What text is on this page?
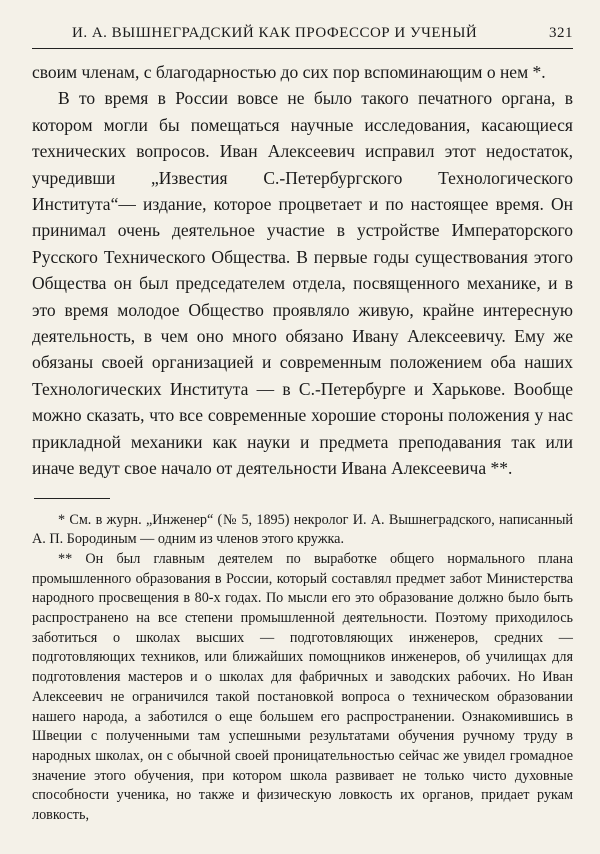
И. А. ВЫШНЕГРАДСКИЙ КАК ПРОФЕССОР И УЧЕНЫЙ	321

своим членам, с благодарностью до сих пор вспоминающим о нем *.

В то время в России вовсе не было такого печатного органа, в котором могли бы помещаться научные исследования, касающиеся технических вопросов. Иван Алексеевич исправил этот недостаток, учредивши „Известия С.-Петербургского Технологического Института“— издание, которое процветает и по настоящее время. Он принимал очень деятельное участие в устройстве Императорского Русского Технического Общества. В первые годы существования этого Общества он был председателем отдела, посвященного механике, и в это время молодое Общество проявляло живую, крайне интересную деятельность, в чем оно много обязано Ивану Алексеевичу. Ему же обязаны своей организацией и современным положением оба наших Технологических Института — в С.-Петербурге и Харькове. Вообще можно сказать, что все современные хорошие стороны положения у нас прикладной механики как науки и предмета преподавания так или иначе ведут свое начало от деятельности Ивана Алексеевича **.

* См. в журн. „Инженер“ (№ 5, 1895) некролог И. А. Вышнеградского, написанный А. П. Бородиным — одним из членов этого кружка.

** Он был главным деятелем по выработке общего нормального плана промышленного образования в России, который составлял предмет забот Министерства народного просвещения в 80-х годах. По мысли его это образование должно было быть распространено на все степени промышленной деятельности. Поэтому приходилось заботиться о школах высших — подготовляющих инженеров, средних — подготовляющих техников, или ближайших помощников инженеров, об училищах для подготовления мастеров и о школах для фабричных и заводских рабочих. Но Иван Алексеевич не ограничился такой постановкой вопроса о техническом образовании нашего народа, а заботился о еще большем его распространении. Ознакомившись в Швеции с полученными там успешными результатами обучения ручному труду в народных школах, он с обычной своей проницательностью сейчас же увидел громадное значение этого обучения, при котором школа развивает не только чисто духовные способности ученика, но также и физическую ловкость их органов, придает рукам ловкость,
